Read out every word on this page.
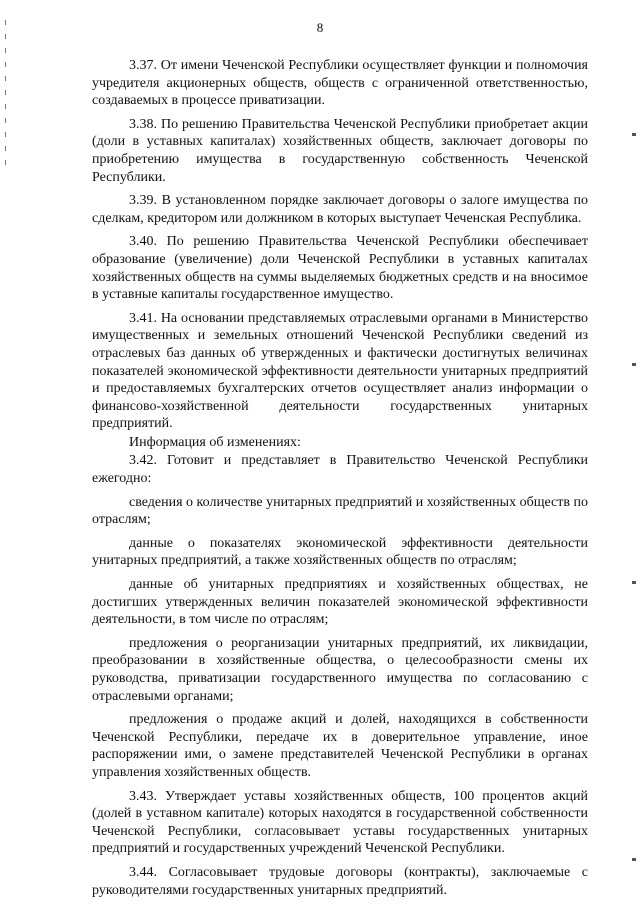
8

3.37. От имени Чеченской Республики осуществляет функции и полномочия учредителя акционерных обществ, обществ с ограниченной ответственностью, создаваемых в процессе приватизации.

3.38. По решению Правительства Чеченской Республики приобретает акции (доли в уставных капиталах) хозяйственных обществ, заключает договоры по приобретению имущества в государственную собственность Чеченской Республики.

3.39. В установленном порядке заключает договоры о залоге имущества по сделкам, кредитором или должником в которых выступает Чеченская Республика.

3.40. По решению Правительства Чеченской Республики обеспечивает образование (увеличение) доли Чеченской Республики в уставных капиталах хозяйственных обществ на суммы выделяемых бюджетных средств и на вносимое в уставные капиталы государственное имущество.

3.41. На основании представляемых отраслевыми органами в Министерство имущественных и земельных отношений Чеченской Республики сведений из отраслевых баз данных об утвержденных и фактически достигнутых величинах показателей экономической эффективности деятельности унитарных предприятий и предоставляемых бухгалтерских отчетов осуществляет анализ информации о финансово-хозяйственной деятельности государственных унитарных предприятий.

Информация об изменениях:

3.42. Готовит и представляет в Правительство Чеченской Республики ежегодно:

сведения о количестве унитарных предприятий и хозяйственных обществ по отраслям;

данные о показателях экономической эффективности деятельности унитарных предприятий, а также хозяйственных обществ по отраслям;

данные об унитарных предприятиях и хозяйственных обществах, не достигших утвержденных величин показателей экономической эффективности деятельности, в том числе по отраслям;

предложения о реорганизации унитарных предприятий, их ликвидации, преобразовании в хозяйственные общества, о целесообразности смены их руководства, приватизации государственного имущества по согласованию с отраслевыми органами;

предложения о продаже акций и долей, находящихся в собственности Чеченской Республики, передаче их в доверительное управление, иное распоряжении ими, о замене представителей Чеченской Республики в органах управления хозяйственных обществ.

3.43. Утверждает уставы хозяйственных обществ, 100 процентов акций (долей в уставном капитале) которых находятся в государственной собственности Чеченской Республики, согласовывает уставы государственных унитарных предприятий и государственных учреждений Чеченской Республики.

3.44. Согласовывает трудовые договоры (контракты), заключаемые с руководителями государственных унитарных предприятий.
